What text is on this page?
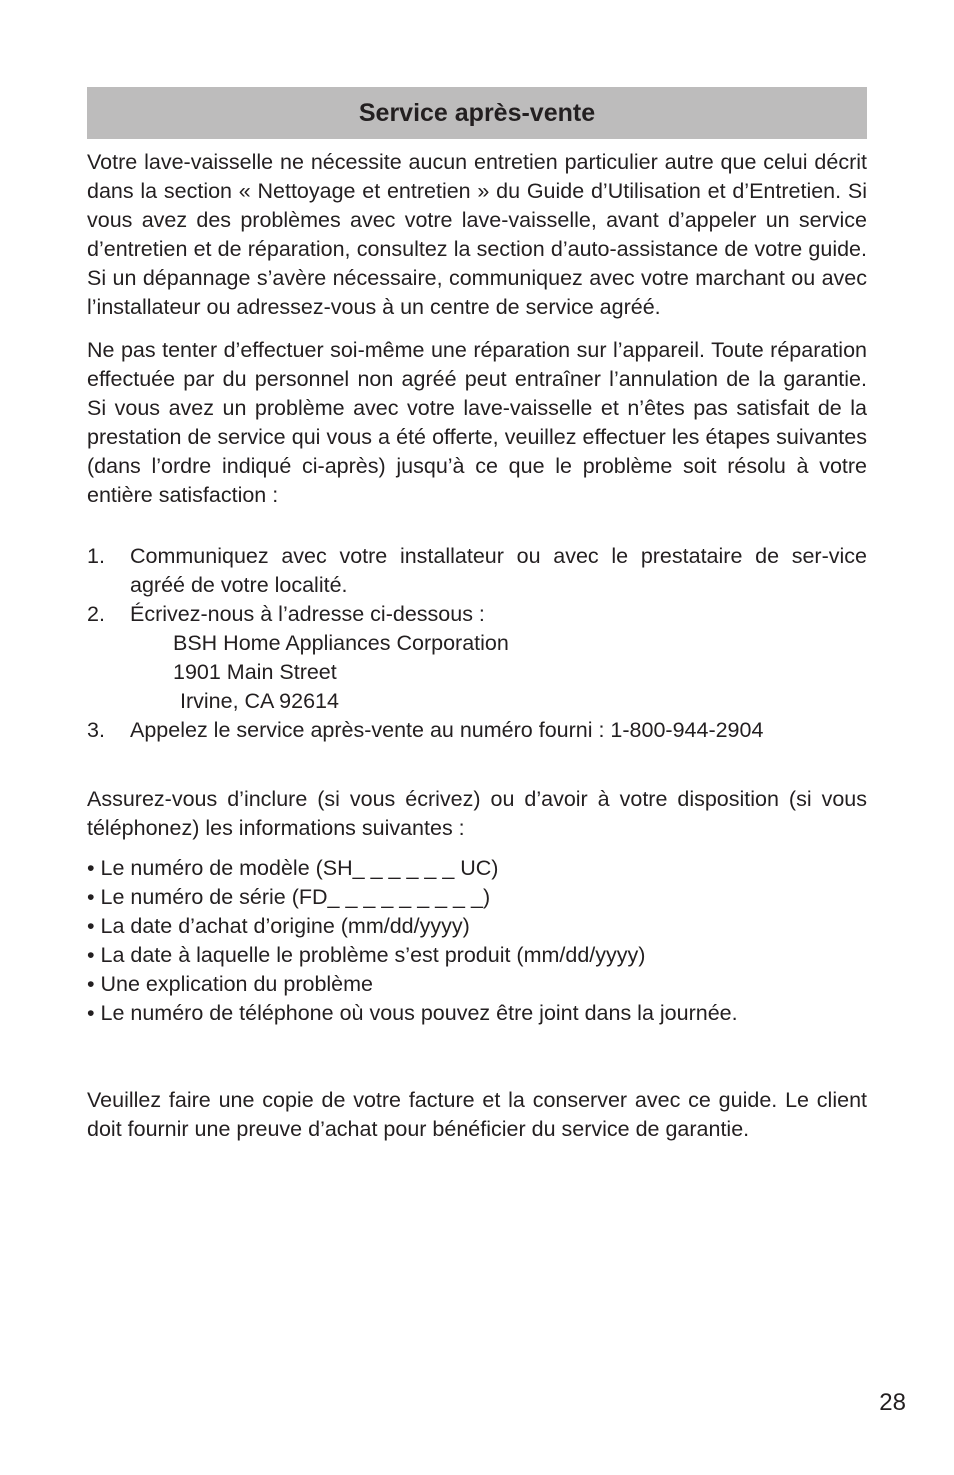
Service après-vente

Votre lave-vaisselle ne nécessite aucun entretien particulier autre que celui décrit dans la section « Nettoyage et entretien » du Guide d’Utilisation et d’Entretien. Si vous avez des problèmes avec votre lave-vaisselle, avant d’appeler un service d’entretien et de réparation, consultez la section d’auto-assistance de votre guide. Si un dépannage s’avère nécessaire, communiquez avec votre marchant ou avec l’installateur ou adressez-vous à un centre de service agréé.

Ne pas tenter d’effectuer soi-même une réparation sur l’appareil. Toute réparation effectuée par du personnel non agréé peut entraîner l’annulation de la garantie. Si vous avez un problème avec votre lave-vaisselle et n’êtes pas satisfait de la prestation de service qui vous a été offerte, veuillez effectuer les étapes suivantes (dans l’ordre indiqué ci-après) jusqu’à ce que le problème soit résolu à votre entière satisfaction :

1.	Communiquez avec votre installateur ou avec le prestataire de ser-vice agréé de votre localité.
2.	Écrivez-nous à l’adresse ci-dessous :
BSH Home Appliances Corporation
1901 Main Street
Irvine, CA 92614
3.	Appelez le service après-vente au numéro fourni : 1-800-944-2904

Assurez-vous d’inclure (si vous écrivez) ou d’avoir à votre disposition (si vous téléphonez) les informations suivantes :

• Le numéro de modèle (SH_ _ _ _ _ _ UC)
• Le numéro de série (FD_ _ _ _ _ _ _ _ _)
• La date d’achat d’origine (mm/dd/yyyy)
• La date à laquelle le problème s’est produit (mm/dd/yyyy)
• Une explication du problème
• Le numéro de téléphone où vous pouvez être joint dans la journée.

Veuillez faire une copie de votre facture et la conserver avec ce guide. Le client doit fournir une preuve d’achat pour bénéficier du service de garantie.

28
